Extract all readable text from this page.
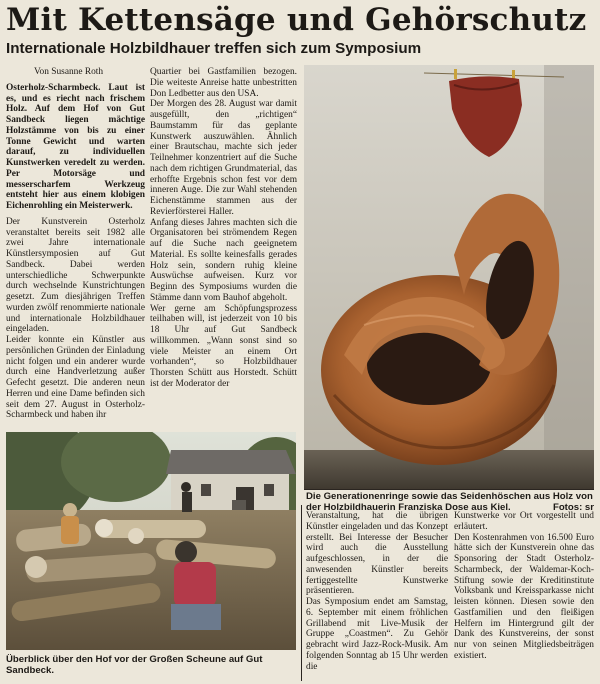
Mit Kettensäge und Gehörschutz
Internationale Holzbildhauer treffen sich zum Symposium

Von Susanne Roth

Osterholz-Scharmbeck. Laut ist es, und es riecht nach frischem Holz. Auf dem Hof von Gut Sandbeck liegen mächtige Holzstämme von bis zu einer Tonne Gewicht und warten darauf, zu individuellen Kunstwerken veredelt zu werden. Per Motorsäge und messerscharfem Werkzeug entsteht hier aus einem klobigen Eichenrohling ein Meisterwerk.

Der Kunstverein Osterholz veranstaltet bereits seit 1982 alle zwei Jahre internationale Künstlersymposien auf Gut Sandbeck. Dabei werden unterschiedliche Schwerpunkte durch wechselnde Kunstrichtungen gesetzt. Zum diesjährigen Treffen wurden zwölf renommierte nationale und internationale Holzbildhauer eingeladen.

Leider konnte ein Künstler aus persönlichen Gründen der Einladung nicht folgen und ein anderer wurde durch eine Handverletzung außer Gefecht gesetzt. Die anderen neun Herren und eine Dame befinden sich seit dem 27. August in Osterholz-Scharmbeck und haben ihr

Quartier bei Gastfamilien bezogen. Die weiteste Anreise hatte unbestritten Don Ledbetter aus den USA.

Der Morgen des 28. August war damit ausgefüllt, den „richtigen“ Baumstamm für das geplante Kunstwerk auszuwählen. Ähnlich einer Brautschau, machte sich jeder Teilnehmer konzentriert auf die Suche nach dem richtigen Grundmaterial, das erhoffte Ergebnis schon fest vor dem inneren Auge. Die zur Wahl stehenden Eichenstämme stammen aus der Revierförsterei Haller.

Anfang dieses Jahres machten sich die Organisatoren bei strömendem Regen auf die Suche nach geeignetem Material. Es sollte keinesfalls gerades Holz sein, sondern ruhig kleine Auswüchse aufweisen. Kurz vor Beginn des Symposiums wurden die Stämme dann vom Bauhof abgeholt.

Wer gerne am Schöpfungsprozess teilhaben will, ist jederzeit von 10 bis 18 Uhr auf Gut Sandbeck willkommen. „Wann sonst sind so viele Meister an einem Ort vorhanden“, so Holzbildhauer Thorsten Schütt aus Horstedt. Schütt ist der Moderator der

Die Generationenringe sowie das Seidenhöschen aus Holz von der Holzbildhauerin Franziska Dose aus Kiel.	Fotos: sr
Überblick über den Hof vor der Großen Scheune auf Gut Sandbeck.

Veranstaltung, hat die übrigen Künstler eingeladen und das Konzept erstellt. Bei Interesse der Besucher wird auch die Ausstellung aufgeschlossen, in der die anwesenden Künstler bereits fertiggestellte Kunstwerke präsentieren.

Das Symposium endet am Samstag, 6. September mit einem fröhlichen Grillabend mit Live-Musik der Gruppe „Coastmen“. Zu Gehör gebracht wird Jazz-Rock-Musik. Am folgenden Sonntag ab 15 Uhr werden die

Kunstwerke vor Ort vorgestellt und erläutert.

Den Kostenrahmen von 16.500 Euro hätte sich der Kunstverein ohne das Sponsoring der Stadt Osterholz-Scharmbeck, der Waldemar-Koch-Stiftung sowie der Kreditinstitute Volksbank und Kreissparkasse nicht leisten können. Diesen sowie den Gastfamilien und den fleißigen Helfern im Hintergrund gilt der Dank des Kunstvereins, der sonst nur von seinen Mitgliedsbeiträgen existiert.
